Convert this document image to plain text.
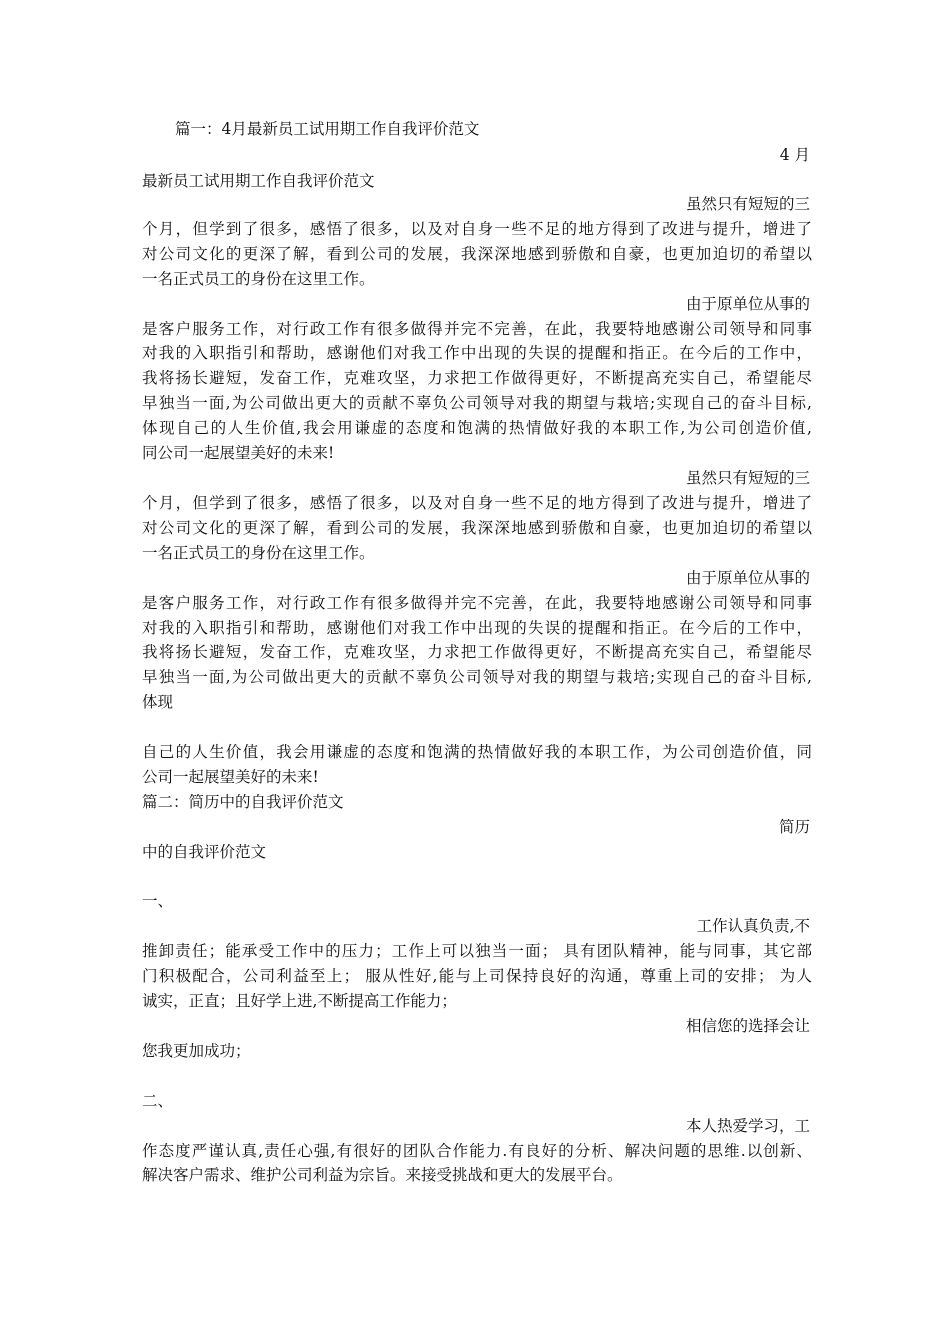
篇一：4月最新员工试用期工作自我评价范文
4 月
最新员工试用期工作自我评价范文
虽然只有短短的三
个月，但学到了很多，感悟了很多，以及对自身一些不足的地方得到了改进与提升，增进了
对公司文化的更深了解，看到公司的发展，我深深地感到骄傲和自豪，也更加迫切的希望以
一名正式员工的身份在这里工作。
由于原单位从事的
是客户服务工作，对行政工作有很多做得并完不完善，在此，我要特地感谢公司领导和同事
对我的入职指引和帮助，感谢他们对我工作中出现的失误的提醒和指正。在今后的工作中，
我将扬长避短，发奋工作，克难攻坚，力求把工作做得更好，不断提高充实自己，希望能尽
早独当一面,为公司做出更大的贡献不辜负公司领导对我的期望与栽培;实现自己的奋斗目标,
体现自己的人生价值,我会用谦虚的态度和饱满的热情做好我的本职工作,为公司创造价值,
同公司一起展望美好的未来!
虽然只有短短的三
个月，但学到了很多，感悟了很多，以及对自身一些不足的地方得到了改进与提升，增进了
对公司文化的更深了解，看到公司的发展，我深深地感到骄傲和自豪，也更加迫切的希望以
一名正式员工的身份在这里工作。
由于原单位从事的
是客户服务工作，对行政工作有很多做得并完不完善，在此，我要特地感谢公司领导和同事
对我的入职指引和帮助，感谢他们对我工作中出现的失误的提醒和指正。在今后的工作中，
我将扬长避短，发奋工作，克难攻坚，力求把工作做得更好，不断提高充实自己，希望能尽
早独当一面,为公司做出更大的贡献不辜负公司领导对我的期望与栽培;实现自己的奋斗目标,
体现
自己的人生价值，我会用谦虚的态度和饱满的热情做好我的本职工作，为公司创造价值，同
公司一起展望美好的未来!
篇二：简历中的自我评价范文
简历
中的自我评价范文
一、
工作认真负责,不
推卸责任；能承受工作中的压力；工作上可以独当一面； 具有团队精神，能与同事，其它部
门积极配合，公司利益至上； 服从性好,能与上司保持良好的沟通，尊重上司的安排； 为人
诚实，正直；且好学上进,不断提高工作能力；
相信您的选择会让
您我更加成功；
二、
本人热爱学习，工
作态度严谨认真,责任心强,有很好的团队合作能力.有良好的分析、解决问题的思维.以创新、
解决客户需求、维护公司利益为宗旨。来接受挑战和更大的发展平台。
